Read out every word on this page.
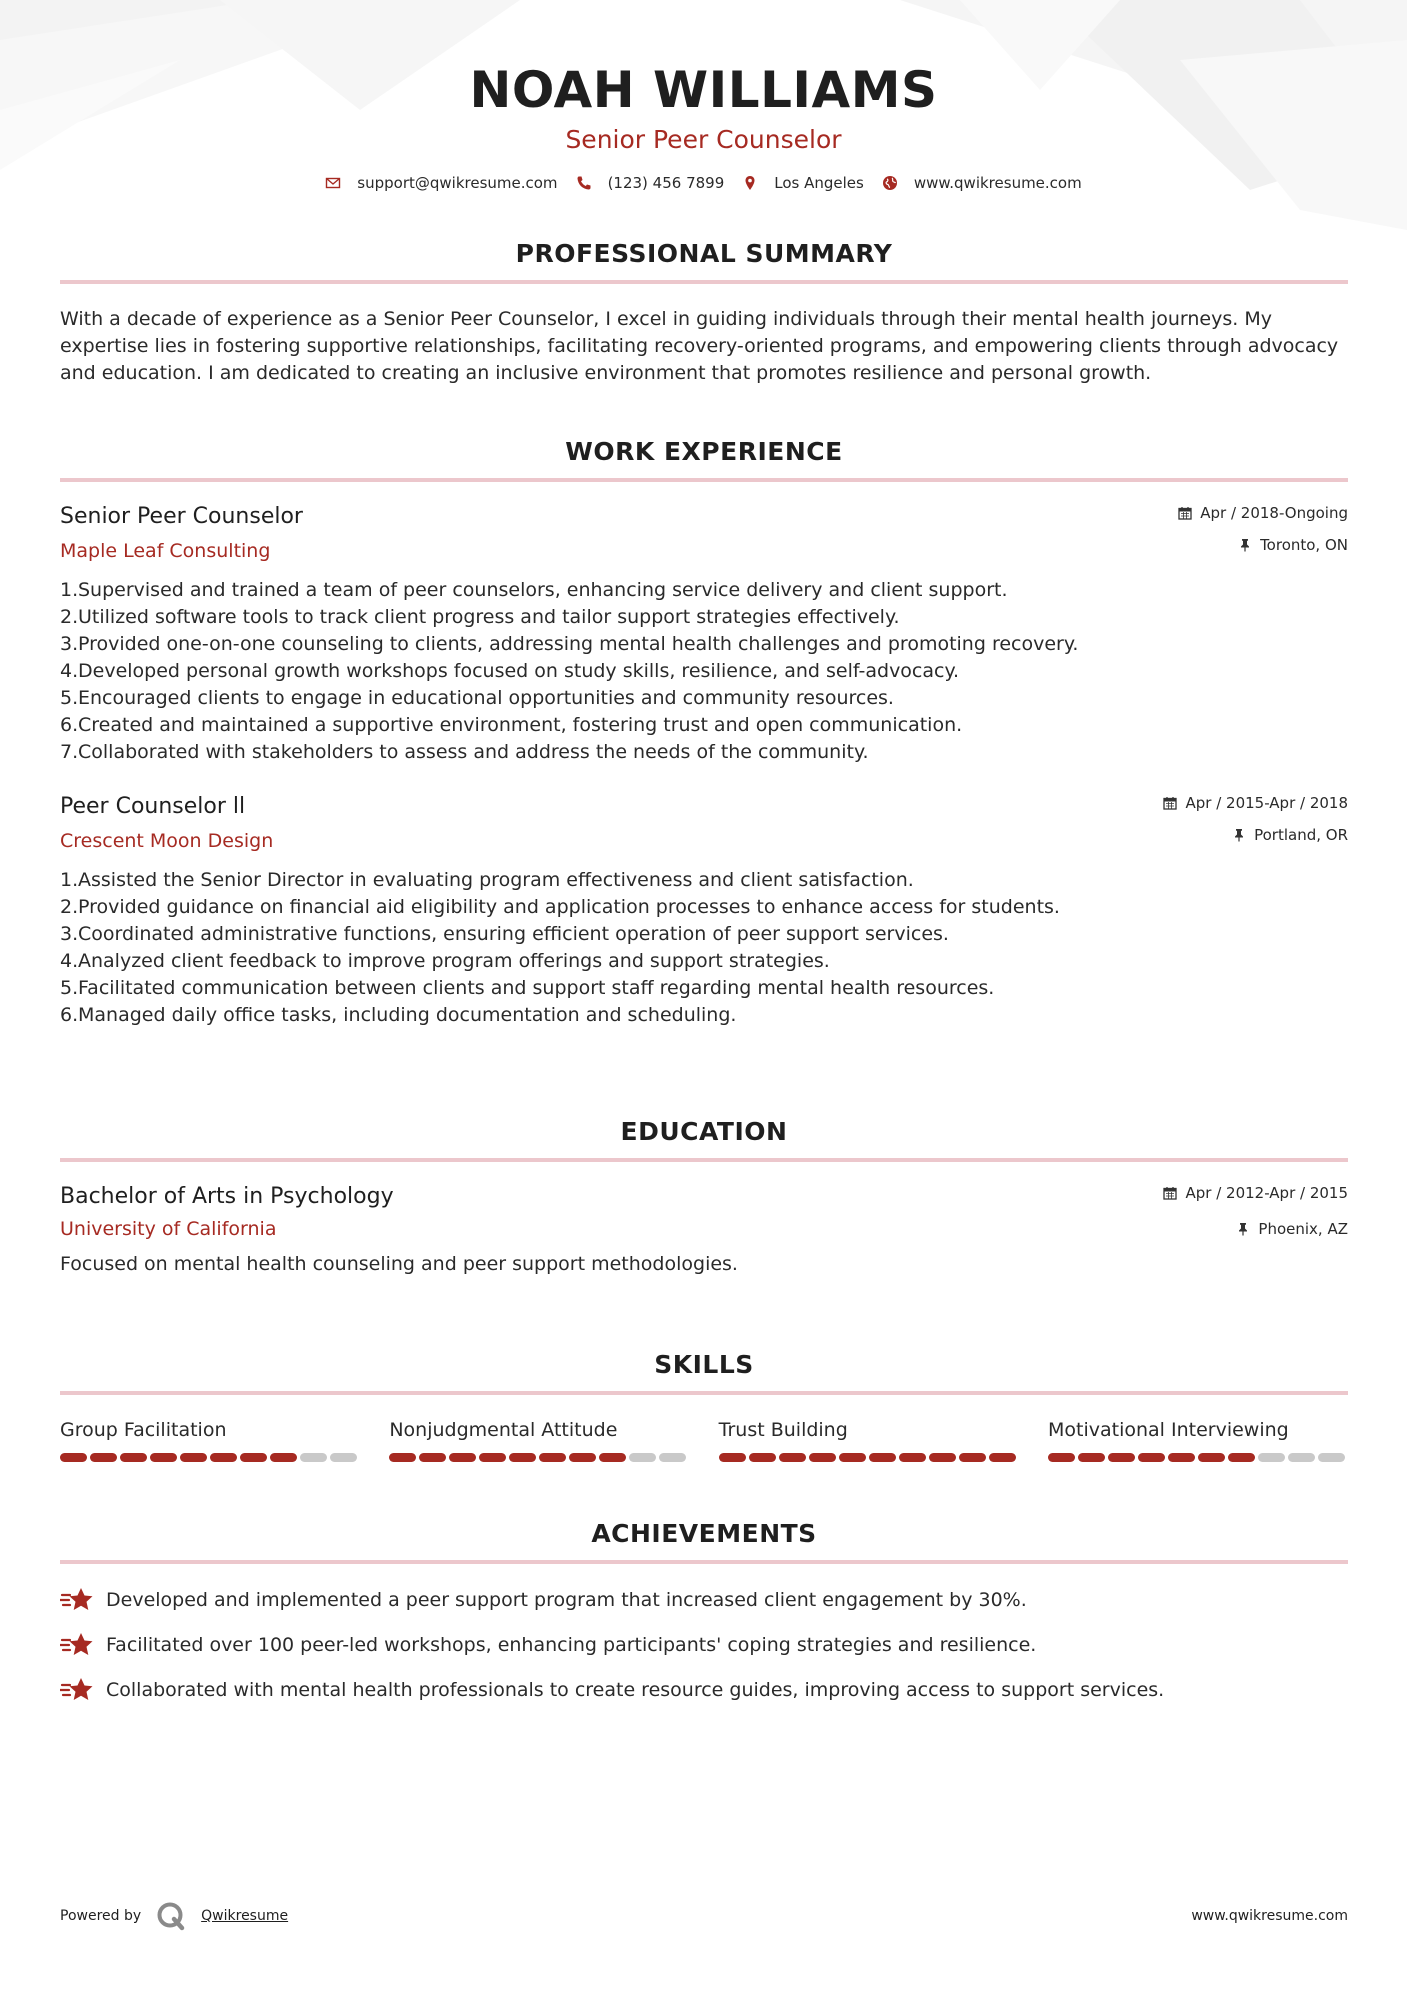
NOAH WILLIAMS
Senior Peer Counselor
support@qwikresume.com	(123) 456 7899	Los Angeles	www.qwikresume.com
PROFESSIONAL SUMMARY
With a decade of experience as a Senior Peer Counselor, I excel in guiding individuals through their mental health journeys. My expertise lies in fostering supportive relationships, facilitating recovery-oriented programs, and empowering clients through advocacy and education. I am dedicated to creating an inclusive environment that promotes resilience and personal growth.
WORK EXPERIENCE
Senior Peer Counselor
Maple Leaf Consulting
Apr / 2018-Ongoing
Toronto, ON
1. Supervised and trained a team of peer counselors, enhancing service delivery and client support.
2. Utilized software tools to track client progress and tailor support strategies effectively.
3. Provided one-on-one counseling to clients, addressing mental health challenges and promoting recovery.
4. Developed personal growth workshops focused on study skills, resilience, and self-advocacy.
5. Encouraged clients to engage in educational opportunities and community resources.
6. Created and maintained a supportive environment, fostering trust and open communication.
7. Collaborated with stakeholders to assess and address the needs of the community.
Peer Counselor ll
Crescent Moon Design
Apr / 2015-Apr / 2018
Portland, OR
1. Assisted the Senior Director in evaluating program effectiveness and client satisfaction.
2. Provided guidance on financial aid eligibility and application processes to enhance access for students.
3. Coordinated administrative functions, ensuring efficient operation of peer support services.
4. Analyzed client feedback to improve program offerings and support strategies.
5. Facilitated communication between clients and support staff regarding mental health resources.
6. Managed daily office tasks, including documentation and scheduling.
EDUCATION
Bachelor of Arts in Psychology
University of California
Apr / 2012-Apr / 2015
Phoenix, AZ
Focused on mental health counseling and peer support methodologies.
SKILLS
Group Facilitation	Nonjudgmental Attitude	Trust Building	Motivational Interviewing
ACHIEVEMENTS
Developed and implemented a peer support program that increased client engagement by 30%.
Facilitated over 100 peer-led workshops, enhancing participants' coping strategies and resilience.
Collaborated with mental health professionals to create resource guides, improving access to support services.
Powered by	Qwikresume	www.qwikresume.com
